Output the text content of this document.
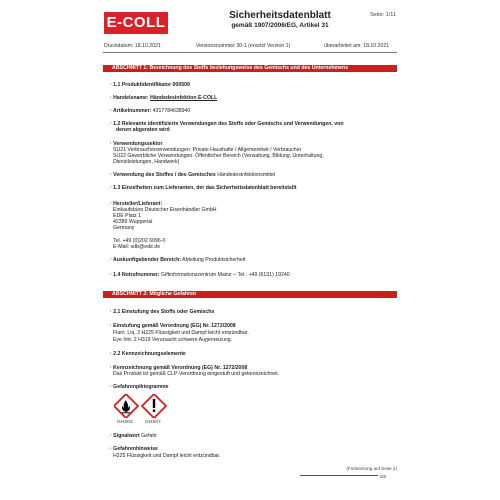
E-COLL	Sicherheitsdatenblatt
gemäß 1907/2006/EG, Artikel 31
Seite: 1/11
Druckdatum: 18.10.2021	Versionsnummer 30-1 (ersetzt Version 1)	überarbeitet am: 18.10.2021
ABSCHNITT 1: Bezeichnung des Stoffs beziehungsweise des Gemischs und des Unternehmens
· 1.1 Produktidentifikator 000509
· Handelsname: Händedesinfektion E-COLL
· Artikelnummer: 4317784638940
· 1.2 Relevante identifizierte Verwendungen des Stoffs oder Gemischs und Verwendungen, von
denen abgeraten wird
· Verwendungssektor
SU21 Verbraucherverwendungen: Private Haushalte / Allgemeinheit / Verbraucher
SU22 Gewerbliche Verwendungen: Öffentlicher Bereich (Verwaltung, Bildung, Unterhaltung,
Dienstleistungen, Handwerk)
· Verwendung des Stoffes / des Gemisches Händedesinfektionsmittel
· 1.3 Einzelheiten zum Lieferanten, der das Sicherheitsdatenblatt bereitstellt
· Hersteller/Lieferant:
Einkaufsbüro Deutscher Eisenhändler GmbH
EDE Platz 1
42389 Wuppertal
Germany
Tel. +49 (0)202 6096-0
E-Mail: sdb@ede.de
· Auskunftgebender Bereich: Abteilung Produktsicherheit
· 1.4 Notrufnummer: Giftinformationszentrum Mainz -- Tel.: +49 (6131) 19240
ABSCHNITT 2: Mögliche Gefahren
· 2.1 Einstufung des Stoffs oder Gemischs
· Einstufung gemäß Verordnung (EG) Nr. 1272/2008
Flam. Liq. 2 H225 Flüssigkeit und Dampf leicht entzündbar.
Eye Irrit. 2 H319 Verursacht schwere Augenreizung.
· 2.2 Kennzeichnungselemente
· Kennzeichnung gemäß Verordnung (EG) Nr. 1272/2008
Das Produkt ist gemäß CLP-Verordnung eingestuft und gekennzeichnet.
· Gefahrenpiktogramme
GHS02	GHS07
· Signalwort Gefahr
· Gefahrenhinweise
H225 Flüssigkeit und Dampf leicht entzündbar.
(Fortsetzung auf Seite 2)
DE
